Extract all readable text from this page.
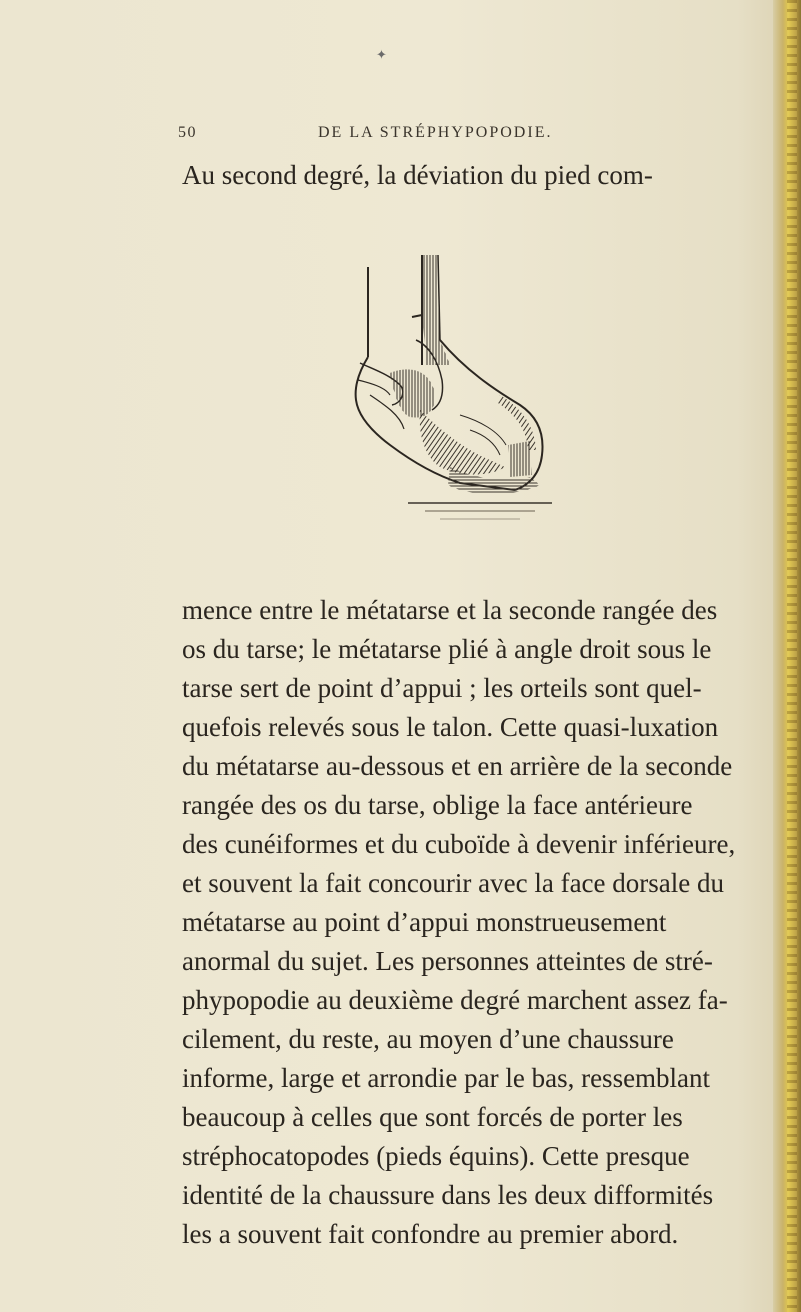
✦
50	DE LA STRÉPHYPOPODIE.
Au second degré, la déviation du pied com-
mence entre le métatarse et la seconde rangée des
os du tarse; le métatarse plié à angle droit sous le
tarse sert de point d’appui ; les orteils sont quel-
quefois relevés sous le talon. Cette quasi-luxation
du métatarse au-dessous et en arrière de la seconde
rangée des os du tarse, oblige la face antérieure
des cunéiformes et du cuboïde à devenir inférieure,
et souvent la fait concourir avec la face dorsale du
métatarse au point d’appui monstrueusement
anormal du sujet. Les personnes atteintes de stré-
phypopodie au deuxième degré marchent assez fa-
cilement, du reste, au moyen d’une chaussure
informe, large et arrondie par le bas, ressemblant
beaucoup à celles que sont forcés de porter les
stréphocatopodes (pieds équins). Cette presque
identité de la chaussure dans les deux difformités
les a souvent fait confondre au premier abord.
